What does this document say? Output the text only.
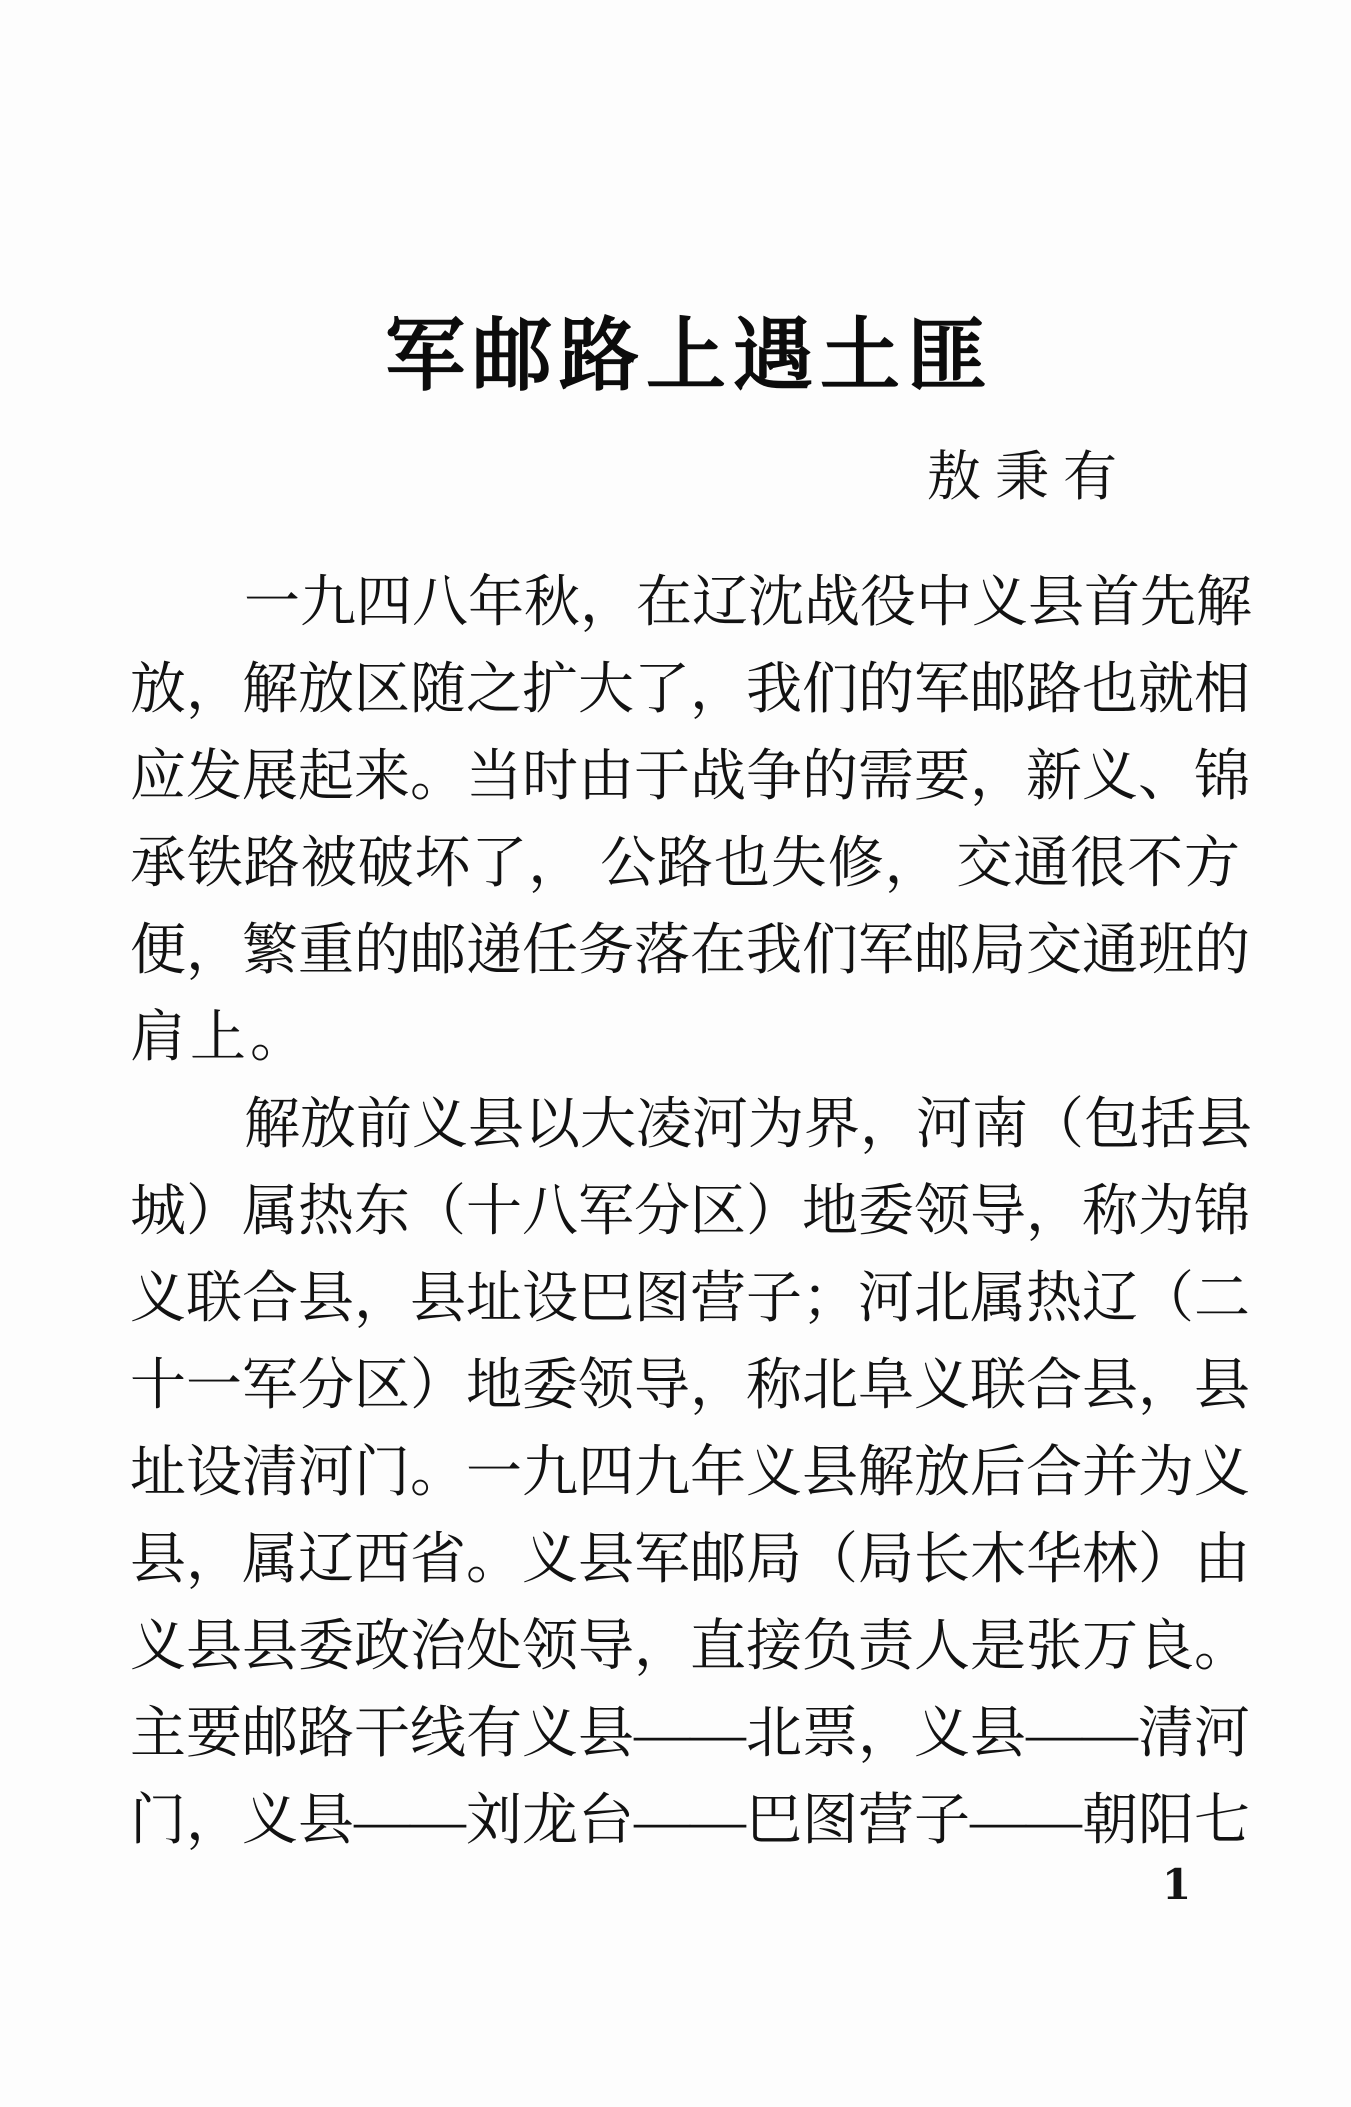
军邮路上遇土匪
敖秉有
一九四八年秋，在辽沈战役中义县首先解
放，解放区随之扩大了，我们的军邮路也就相
应发展起来。当时由于战争的需要，新义、锦
承铁路被破坏了， 公路也失修， 交通很不方
便，繁重的邮递任务落在我们军邮局交通班的
肩上。
解放前义县以大凌河为界，河南（包括县
城）属热东（十八军分区）地委领导，称为锦
义联合县，县址设巴图营子；河北属热辽（二
十一军分区）地委领导，称北阜义联合县，县
址设清河门。一九四九年义县解放后合并为义
县，属辽西省。义县军邮局（局长木华林）由
义县县委政治处领导，直接负责人是张万良。
主要邮路干线有义县——北票，义县——清河
门，义县——刘龙台——巴图营子——朝阳七
1
